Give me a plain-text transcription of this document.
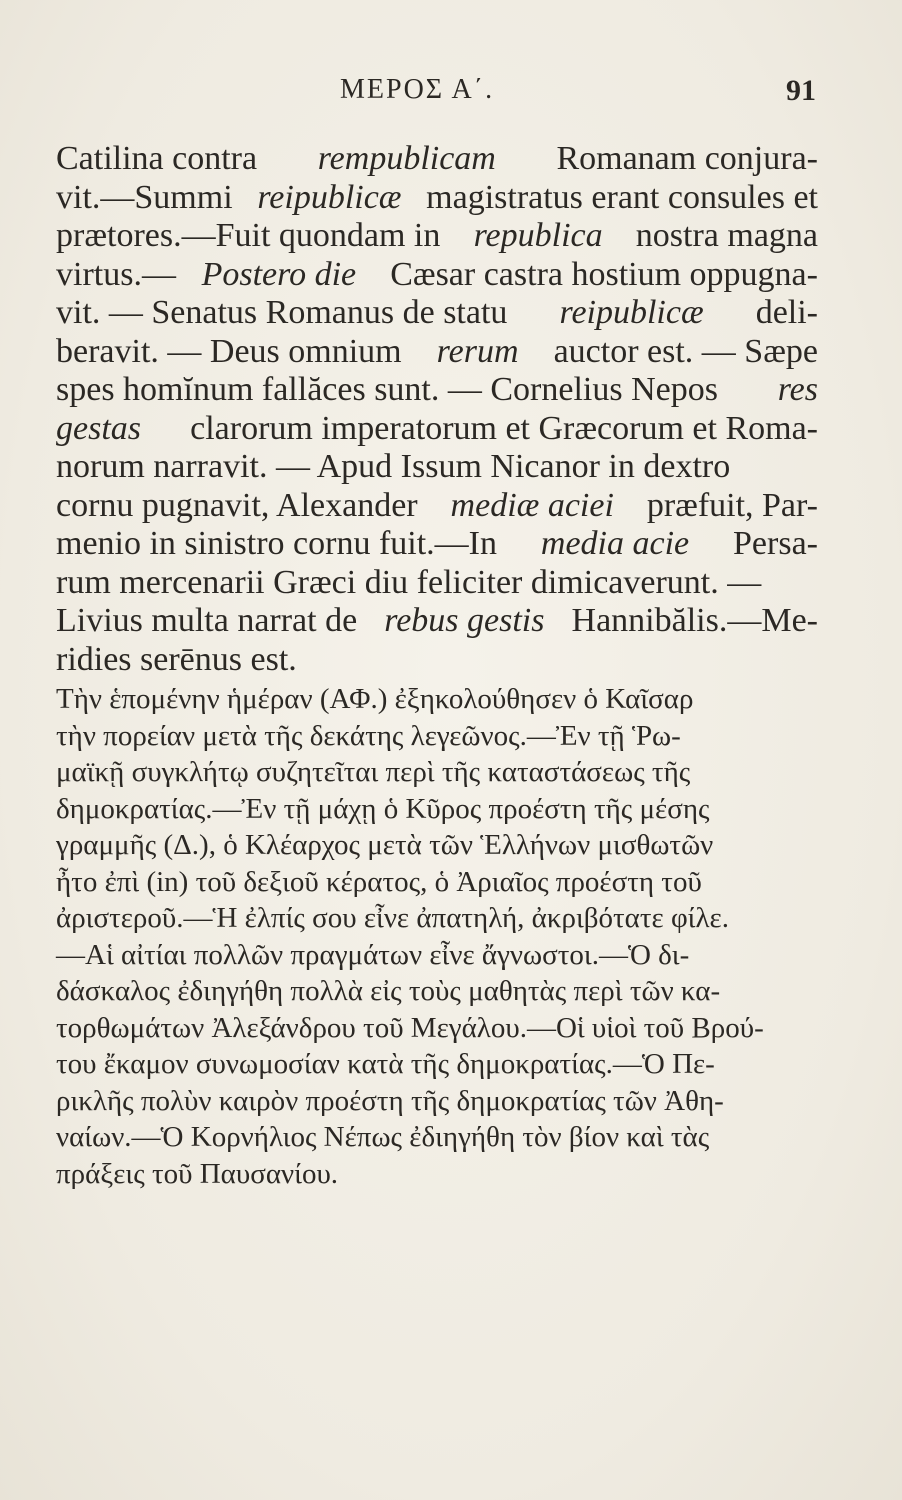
ΜΕΡΟΣ Α΄.	91
Catilina contra rempublicam Romanam conjura-
vit.—Summi reipublicæ magistratus erant consules et
prætores.—Fuit quondam in republica nostra magna
virtus.— Postero die Cæsar castra hostium oppugna-
vit. — Senatus Romanus de statu reipublicæ deli-
beravit. — Deus omnium rerum auctor est. — Sæpe
spes homĭnum fallăces sunt. — Cornelius Nepos res
gestas clarorum imperatorum et Græcorum et Roma-
norum narravit. — Apud Issum Nicanor in dextro
cornu pugnavit, Alexander mediæ aciei præfuit, Par-
menio in sinistro cornu fuit.—In media acie Persa-
rum mercenarii Græci diu feliciter dimicaverunt. —
Livius multa narrat de rebus gestis Hannibălis.—Me-
ridies serēnus est.
Τὴν ἑπομένην ἡμέραν (ΑΦ.) ἐξηκολούθησεν ὁ Καῖσαρ
τὴν πορείαν μετὰ τῆς δεκάτης λεγεῶνος.—Ἐν τῇ Ῥω-
μαϊκῇ συγκλήτῳ συζητεῖται περὶ τῆς καταστάσεως τῆς
δημοκρατίας.—Ἐν τῇ μάχῃ ὁ Κῦρος προέστη τῆς μέσης
γραμμῆς (Δ.), ὁ Κλέαρχος μετὰ τῶν Ἑλλήνων μισθωτῶν
ἦτο ἐπὶ (in) τοῦ δεξιοῦ κέρατος, ὁ Ἀριαῖος προέστη τοῦ
ἀριστεροῦ.—Ἡ ἐλπίς σου εἶνε ἀπατηλή, ἀκριβότατε φίλε.
—Αἱ αἰτίαι πολλῶν πραγμάτων εἶνε ἄγνωστοι.—Ὁ δι-
δάσκαλος ἐδιηγήθη πολλὰ εἰς τοὺς μαθητὰς περὶ τῶν κα-
τορθωμάτων Ἀλεξάνδρου τοῦ Μεγάλου.—Οἱ υἱοὶ τοῦ Βρού-
του ἔκαμον συνωμοσίαν κατὰ τῆς δημοκρατίας.—Ὁ Πε-
ρικλῆς πολὺν καιρὸν προέστη τῆς δημοκρατίας τῶν Ἀθη-
ναίων.—Ὁ Κορνήλιος Νέπως ἐδιηγήθη τὸν βίον καὶ τὰς
πράξεις τοῦ Παυσανίου.
